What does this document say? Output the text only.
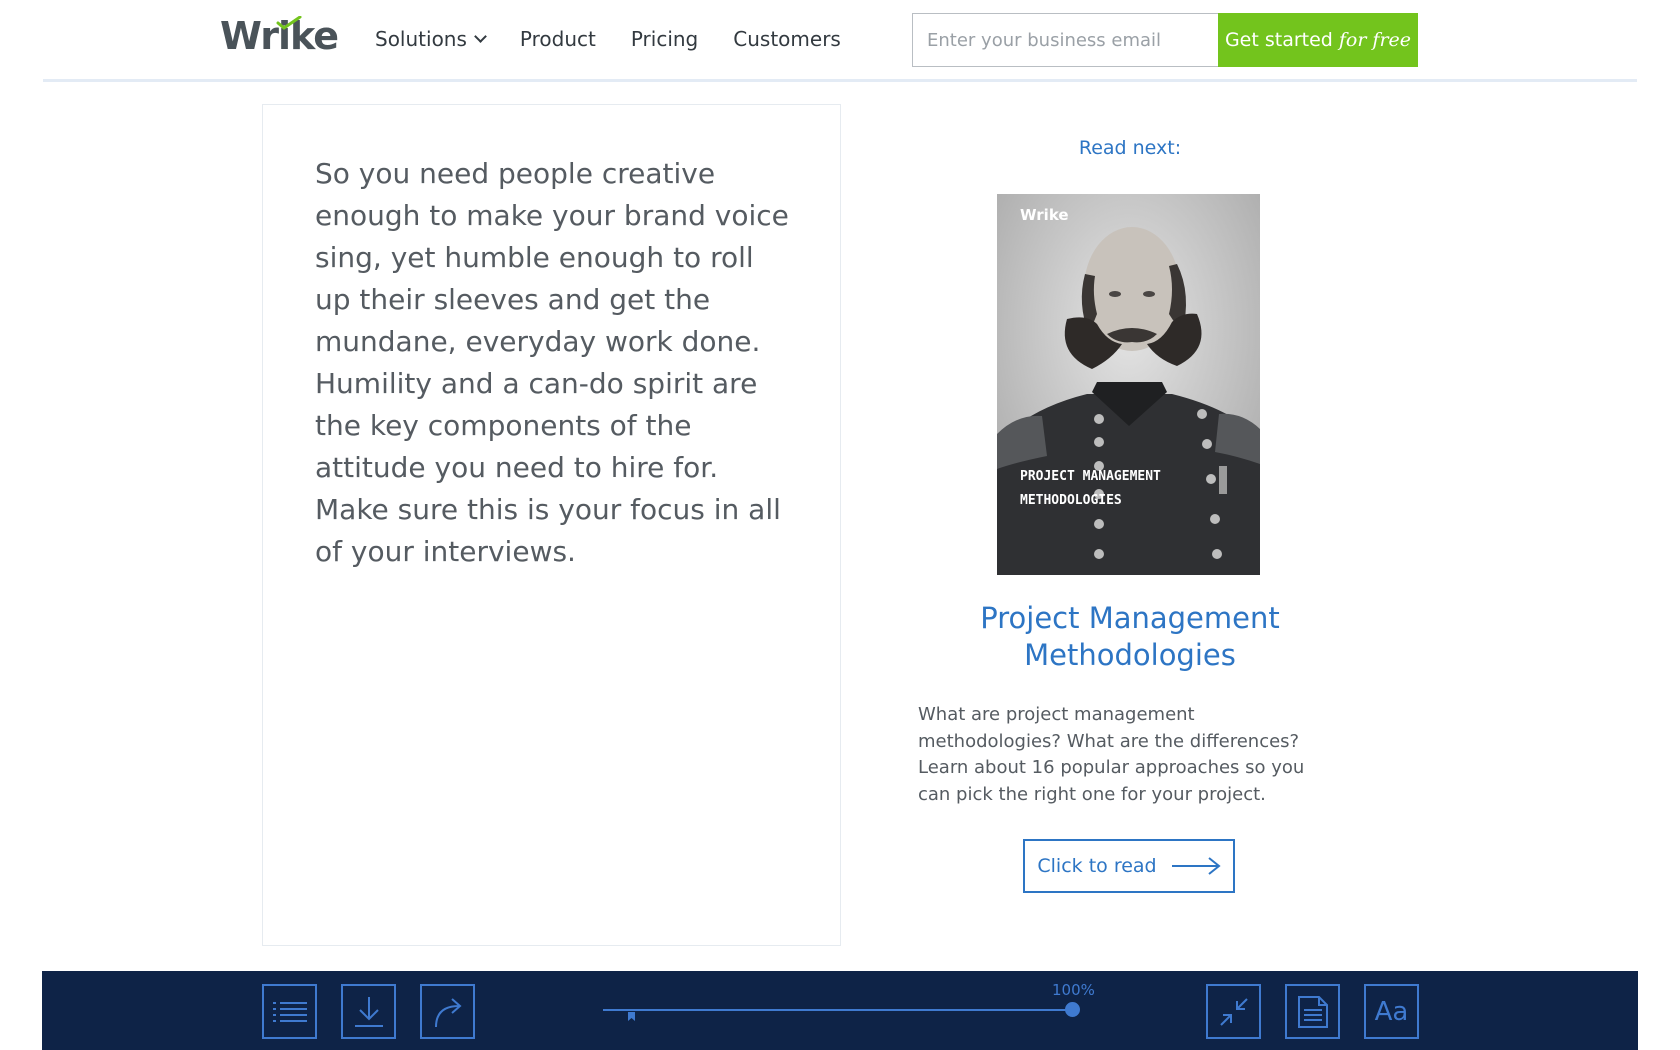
Wrike Solutions	Product Pricing Customers
Enter your business email	Get started for free

So you need people creative enough to make your brand voice sing, yet humble enough to roll up their sleeves and get the mundane, everyday work done. Humility and a can-do spirit are the key components of the attitude you need to hire for. Make sure this is your focus in all of your interviews.

Read next:
Wrike
PROJECT MANAGEMENT
METHODOLOGIES
Project Management Methodologies

What are project management methodologies? What are the differences? Learn about 16 popular approaches so you can pick the right one for your project.

Click to read
100%
Aa
